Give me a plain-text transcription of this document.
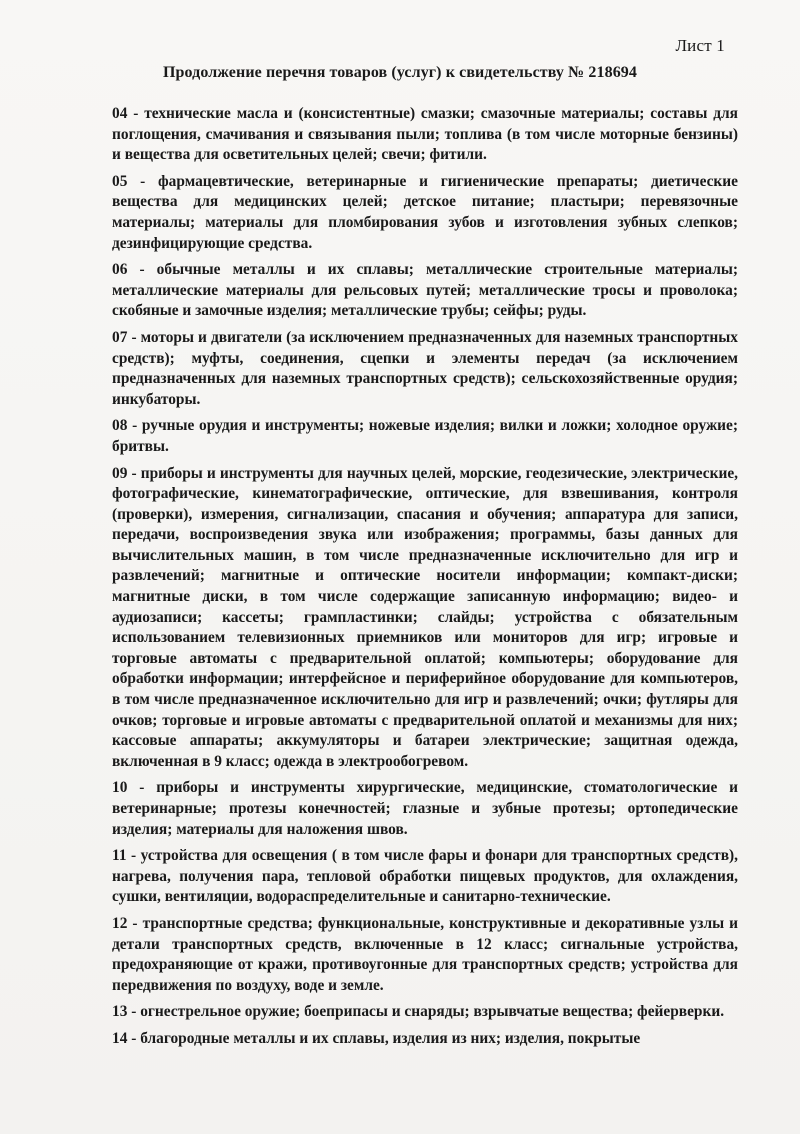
Лист 1
Продолжение перечня товаров (услуг) к свидетельству № 218694

04 - технические масла и (консистентные) смазки; смазочные материалы; составы для поглощения, смачивания и связывания пыли; топлива (в том числе моторные бензины) и вещества для осветительных целей; свечи; фитили.

05 - фармацевтические, ветеринарные и гигиенические препараты; диетические вещества для медицинских целей; детское питание; пластыри; перевязочные материалы; материалы для пломбирования зубов и изготовления зубных слепков; дезинфицирующие средства.

06 - обычные металлы и их сплавы; металлические строительные материалы; металлические материалы для рельсовых путей; металлические тросы и проволока; скобяные и замочные изделия; металлические трубы; сейфы; руды.

07 - моторы и двигатели (за исключением предназначенных для наземных транспортных средств); муфты, соединения, сцепки и элементы передач (за исключением предназначенных для наземных транспортных средств); сельскохозяйственные орудия; инкубаторы.

08 - ручные орудия и инструменты; ножевые изделия; вилки и ложки; холодное оружие; бритвы.

09 - приборы и инструменты для научных целей, морские, геодезические, электрические, фотографические, кинематографические, оптические, для взвешивания, контроля (проверки), измерения, сигнализации, спасания и обучения; аппаратура для записи, передачи, воспроизведения звука или изображения; программы, базы данных для вычислительных машин, в том числе предназначенные исключительно для игр и развлечений; магнитные и оптические носители информации; компакт-диски; магнитные диски, в том числе содержащие записанную информацию; видео- и аудиозаписи; кассеты; грампластинки; слайды; устройства с обязательным использованием телевизионных приемников или мониторов для игр; игровые и торговые автоматы с предварительной оплатой; компьютеры; оборудование для обработки информации; интерфейсное и периферийное оборудование для компьютеров, в том числе предназначенное исключительно для игр и развлечений; очки; футляры для очков; торговые и игровые автоматы с предварительной оплатой и механизмы для них; кассовые аппараты; аккумуляторы и батареи электрические; защитная одежда, включенная в 9 класс; одежда в электрообогревом.

10 - приборы и инструменты хирургические, медицинские, стоматологические и ветеринарные; протезы конечностей; глазные и зубные протезы; ортопедические изделия; материалы для наложения швов.

11 - устройства для освещения ( в том числе фары и фонари для транспортных средств), нагрева, получения пара, тепловой обработки пищевых продуктов, для охлаждения, сушки, вентиляции, водораспределительные и санитарно-технические.

12 - транспортные средства; функциональные, конструктивные и декоративные узлы и детали транспортных средств, включенные в 12 класс; сигнальные устройства, предохраняющие от кражи, противоугонные для транспортных средств; устройства для передвижения по воздуху, воде и земле.

13 - огнестрельное оружие; боеприпасы и снаряды; взрывчатые вещества; фейерверки.

14 - благородные металлы и их сплавы, изделия из них; изделия, покрытые
